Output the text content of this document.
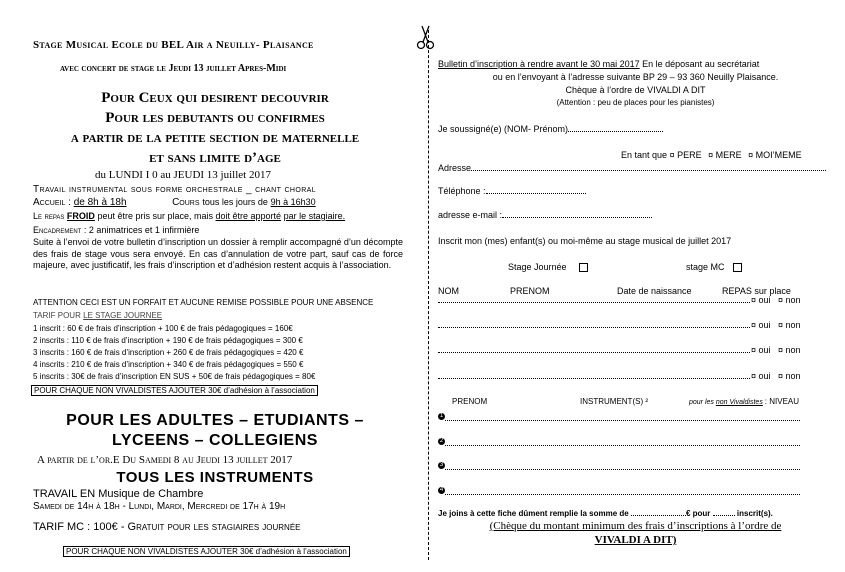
Stage Musical Ecole du BEL Air a Neuilly- Plaisance
avec concert de stage le Jeudi 13 juillet Apres-Midi
Pour Ceux qui desirent decouvrir
Pour les debutants ou confirmes
a partir de la petite section de maternelle
et sans limite d’age
du LUNDI I 0 au JEUDI 13 juillet 2017
Travail instrumental sous forme orchestrale _ chant choral
Accueil : de 8h à 18h	Cours tous les jours de 9h à 16h30
Le repas FROID peut être pris sur place, mais doit être apporté par le stagiaire.
Encadrement : 2 animatrices et 1 infirmière
Suite à l’envoi de votre bulletin d’inscription un dossier à remplir accompagné d’un décompte des frais de stage vous sera envoyé. En cas d’annulation de votre part, sauf cas de force majeure, avec justificatif, les frais d’inscription et d’adhésion restent acquis à l’association.
ATTENTION CECI EST UN FORFAIT ET AUCUNE REMISE POSSIBLE POUR UNE ABSENCE
TARIF POUR LE STAGE JOURNEE
1 inscrit : 60 € de frais d’inscription + 100 € de frais pédagogiques = 160€
2 inscrits : 110 € de frais d’inscription + 190 € de frais pédagogiques = 300 €
3 inscrits : 160 € de frais d’inscription + 260 € de frais pédagogiques = 420 €
4 inscrits : 210 € de frais d’inscription + 340 € de frais pédagogiques = 550 €
5 inscrits : 30€ de frais d’inscription EN SUS + 50€ de frais pédagogiques = 80€
POUR CHAQUE NON VIVALDISTES AJOUTER 30€ d’adhésion à l’association
POUR LES ADULTES – ETUDIANTS –
LYCEENS – COLLEGIENS
A partir de l’or.E Du Samedi 8 au Jeudi 13 juillet 2017
TOUS LES INSTRUMENTS
TRAVAIL EN Musique de Chambre
Samedi de 14h à 18h - Lundi, Mardi, Mercredi de 17h à 19h
TARIF MC : 100€ - Gratuit pour les stagiaires journée
POUR CHAQUE NON VIVALDISTES AJOUTER 30€ d’adhésion à l’association
Bulletin d’inscription à rendre avant le 30 mai 2017 En le déposant au secrétariat
ou en l’envoyant à l’adresse suivante BP 29 – 93 360 Neuilly Plaisance.
Chèque à l’ordre de VIVALDI A DIT
(Attention : peu de places pour les pianistes)
Je soussigné(e) (NOM- Prénom)
En tant que ¤ PERE ¤ MERE ¤ MOI’MEME
Adresse
Téléphone :
adresse e-mail :
Inscrit mon (mes) enfant(s) ou moi-même au stage musical de juillet 2017
Stage Journée	stage MC
NOM	PRENOM	Date de naissance	REPAS sur place
¤ oui   ¤ non
¤ oui   ¤ non
¤ oui   ¤ non
¤ oui   ¤ non
PRENOM	INSTRUMENT(S) ²	pour les non Vivaldistes : NIVEAU
1
2
3
4
Je joins à cette fiche dûment remplie la somme de	€ pour	inscrit(s).
(Chèque du montant minimum des frais d’inscriptions à l’ordre de
VIVALDI A DIT)
